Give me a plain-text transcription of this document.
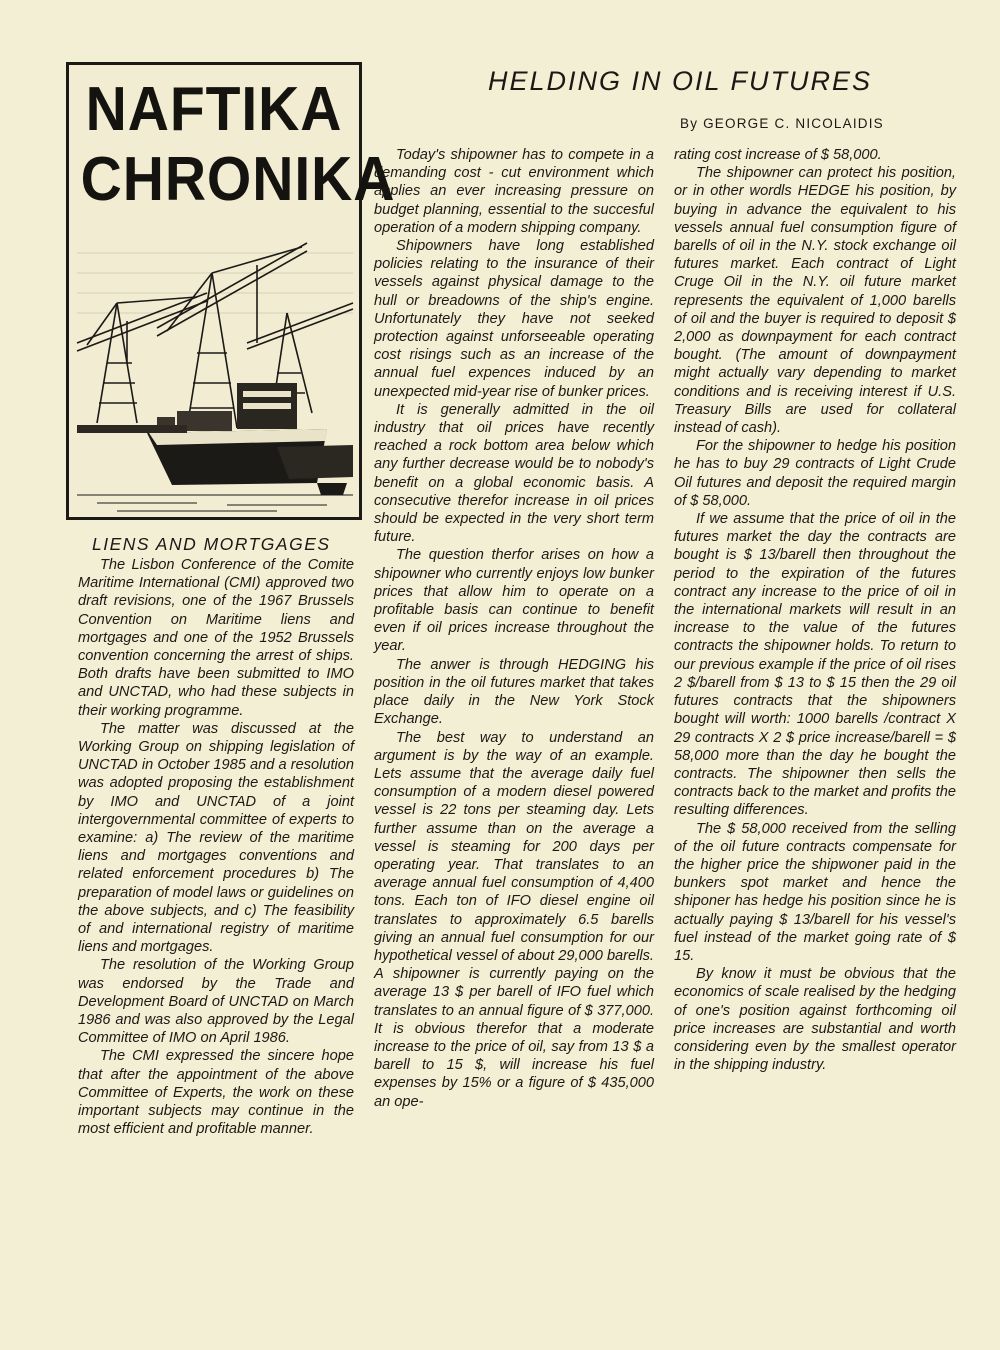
NAFTIKA
CHRONIKA
HELDING IN OIL FUTURES
By GEORGE C. NICOLAIDIS
LIENS AND MORTGAGES

The Lisbon Conference of the Comite Maritime International (CMI) approved two draft revisions, one of the 1967 Brussels Convention on Maritime liens and mortgages and one of the 1952 Brussels convention concerning the arrest of ships. Both drafts have been submitted to IMO and UNCTAD, who had these subjects in their working programme.

The matter was discussed at the Working Group on shipping legislation of UNCTAD in October 1985 and a resolution was adopted proposing the establishment by IMO and UNCTAD of a joint intergovernmental committee of experts to examine: a) The review of the maritime liens and mortgages conventions and related enforcement procedures b) The preparation of model laws or guidelines on the above subjects, and c) The feasibility of and international registry of maritime liens and mortgages.

The resolution of the Working Group was endorsed by the Trade and Development Board of UNCTAD on March 1986 and was also approved by the Legal Committee of IMO on April 1986.

The CMI expressed the sincere hope that after the appointment of the above Committee of Experts, the work on these important subjects may continue in the most efficient and profitable manner.

Today's shipowner has to compete in a demanding cost - cut environment which applies an ever increasing pressure on budget planning, essential to the succesful operation of a modern shipping company.

Shipowners have long established policies relating to the insurance of their vessels against physical damage to the hull or breadowns of the ship's engine. Unfortunately they have not seeked protection against unforseeable operating cost risings such as an increase of the annual fuel expences induced by an unexpected mid-year rise of bunker prices.

It is generally admitted in the oil industry that oil prices have recently reached a rock bottom area below which any further decrease would be to nobody's benefit on a global economic basis. A consecutive therefor increase in oil prices should be expected in the very short term future.

The question therfor arises on how a shipowner who currently enjoys low bunker prices that allow him to operate on a profitable basis can continue to benefit even if oil prices increase throughout the year.

The anwer is through HEDGING his position in the oil futures market that takes place daily in the New York Stock Exchange.

The best way to understand an argument is by the way of an example. Lets assume that the average daily fuel consumption of a modern diesel powered vessel is 22 tons per steaming day. Lets further assume than on the average a vessel is steaming for 200 days per operating year. That translates to an average annual fuel consumption of 4,400 tons. Each ton of IFO diesel engine oil translates to approximately 6.5 barells giving an annual fuel consumption for our hypothetical vessel of about 29,000 barells. A shipowner is currently paying on the average 13 $ per barell of IFO fuel which translates to an annual figure of $ 377,000. It is obvious therefor that a moderate increase to the price of oil, say from 13 $ a barell to 15 $, will increase his fuel expenses by 15% or a figure of $ 435,000 an ope-

rating cost increase of $ 58,000.

The shipowner can protect his position, or in other wordls HEDGE his position, by buying in advance the equivalent to his vessels annual fuel consumption figure of barells of oil in the N.Y. stock exchange oil futures market. Each contract of Light Cruge Oil in the N.Y. oil future market represents the equivalent of 1,000 barells of oil and the buyer is required to deposit $ 2,000 as downpayment for each contract bought. (The amount of downpayment might actually vary depending to market conditions and is receiving interest if U.S. Treasury Bills are used for collateral instead of cash).

For the shipowner to hedge his position he has to buy 29 contracts of Light Crude Oil futures and deposit the required margin of $ 58,000.

If we assume that the price of oil in the futures market the day the contracts are bought is $ 13/barell then throughout the period to the expiration of the futures contract any increase to the price of oil in the international markets will result in an increase to the value of the futures contracts the shipowner holds. To return to our previous example if the price of oil rises 2 $/barell from $ 13 to $ 15 then the 29 oil futures contracts that the shipowners bought will worth: 1000 barells /contract X 29 contracts X 2 $ price increase/barell = $ 58,000 more than the day he bought the contracts. The shipowner then sells the contracts back to the market and profits the resulting differences.

The $ 58,000 received from the selling of the oil future contracts compensate for the higher price the shipwoner paid in the bunkers spot market and hence the shiponer has hedge his position since he is actually paying $ 13/barell for his vessel's fuel instead of the market going rate of $ 15.

By know it must be obvious that the economics of scale realised by the hedging of one's position against forthcoming oil price increases are substantial and worth considering even by the smallest operator in the shipping industry.
